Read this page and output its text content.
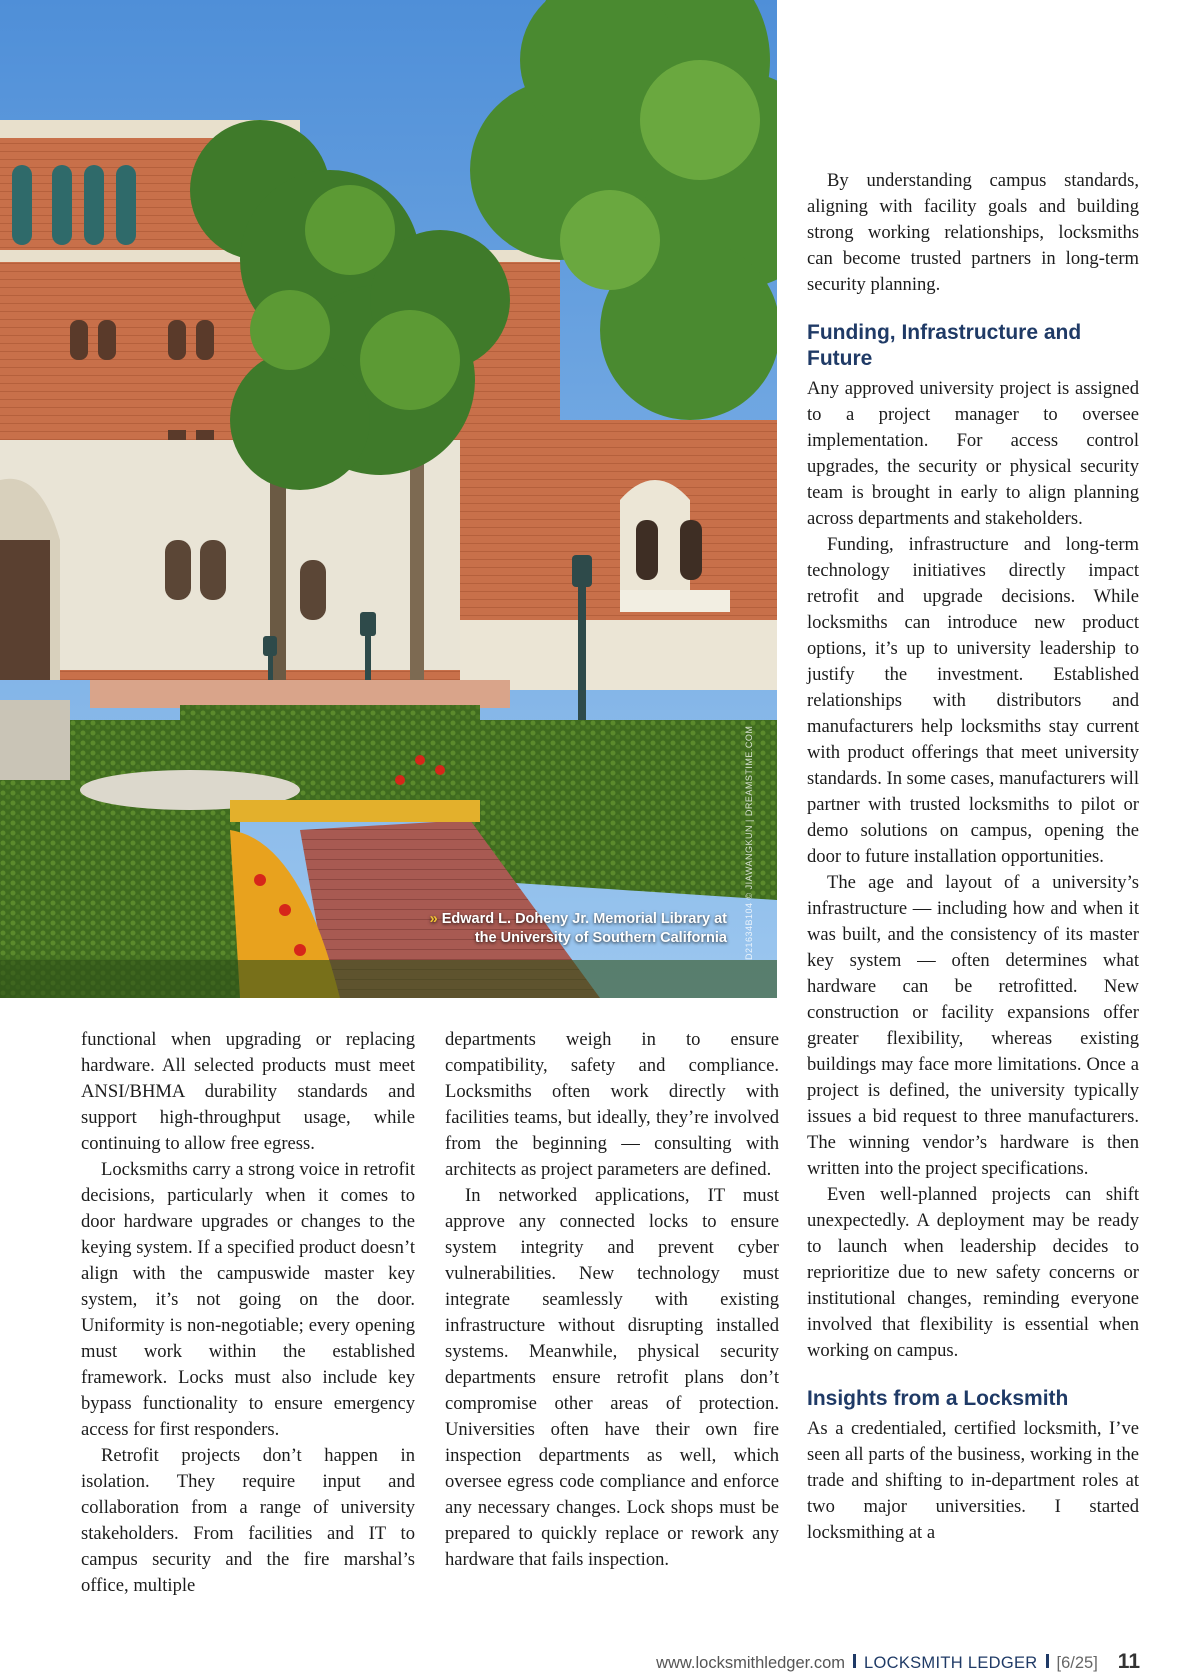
» Edward L. Doheny Jr. Memorial Library at the University of Southern California D21634B104 © JIAWANGKUN | DREAMSTIME.COM

functional when upgrading or replacing hardware. All selected products must meet ANSI/BHMA durability standards and support high-throughput usage, while continuing to allow free egress.

Locksmiths carry a strong voice in retrofit decisions, particularly when it comes to door hardware upgrades or changes to the keying system. If a specified product doesn’t align with the campuswide master key system, it’s not going on the door. Uniformity is non-negotiable; every opening must work within the established framework. Locks must also include key bypass functionality to ensure emergency access for first responders.

Retrofit projects don’t happen in isolation. They require input and collaboration from a range of university stakeholders. From facilities and IT to campus security and the fire marshal’s office, multiple

departments weigh in to ensure compatibility, safety and compliance. Locksmiths often work directly with facilities teams, but ideally, they’re involved from the beginning — consulting with architects as project parameters are defined.

In networked applications, IT must approve any connected locks to ensure system integrity and prevent cyber vulnerabilities. New technology must integrate seamlessly with existing infrastructure without disrupting installed systems. Meanwhile, physical security departments ensure retrofit plans don’t compromise other areas of protection. Universities often have their own fire inspection departments as well, which oversee egress code compliance and enforce any necessary changes. Lock shops must be prepared to quickly replace or rework any hardware that fails inspection.

By understanding campus standards, aligning with facility goals and building strong working relationships, locksmiths can become trusted partners in long-term security planning.

Funding, Infrastructure and Future

Any approved university project is assigned to a project manager to oversee implementation. For access control upgrades, the security or physical security team is brought in early to align planning across departments and stakeholders.

Funding, infrastructure and long-term technology initiatives directly impact retrofit and upgrade decisions. While locksmiths can introduce new product options, it’s up to university leadership to justify the investment. Established relationships with distributors and manufacturers help locksmiths stay current with product offerings that meet university standards. In some cases, manufacturers will partner with trusted locksmiths to pilot or demo solutions on campus, opening the door to future installation opportunities.

The age and layout of a university’s infrastructure — including how and when it was built, and the consistency of its master key system — often determines what hardware can be retrofitted. New construction or facility expansions offer greater flexibility, whereas existing buildings may face more limitations. Once a project is defined, the university typically issues a bid request to three manufacturers. The winning vendor’s hardware is then written into the project specifications.

Even well-planned projects can shift unexpectedly. A deployment may be ready to launch when leadership decides to reprioritize due to new safety concerns or institutional changes, reminding everyone involved that flexibility is essential when working on campus.

Insights from a Locksmith

As a credentialed, certified locksmith, I’ve seen all parts of the business, working in the trade and shifting to in-department roles at two major universities. I started locksmithing at a

www.locksmithledger.com LOCKSMITH LEDGER [6/25] 11
